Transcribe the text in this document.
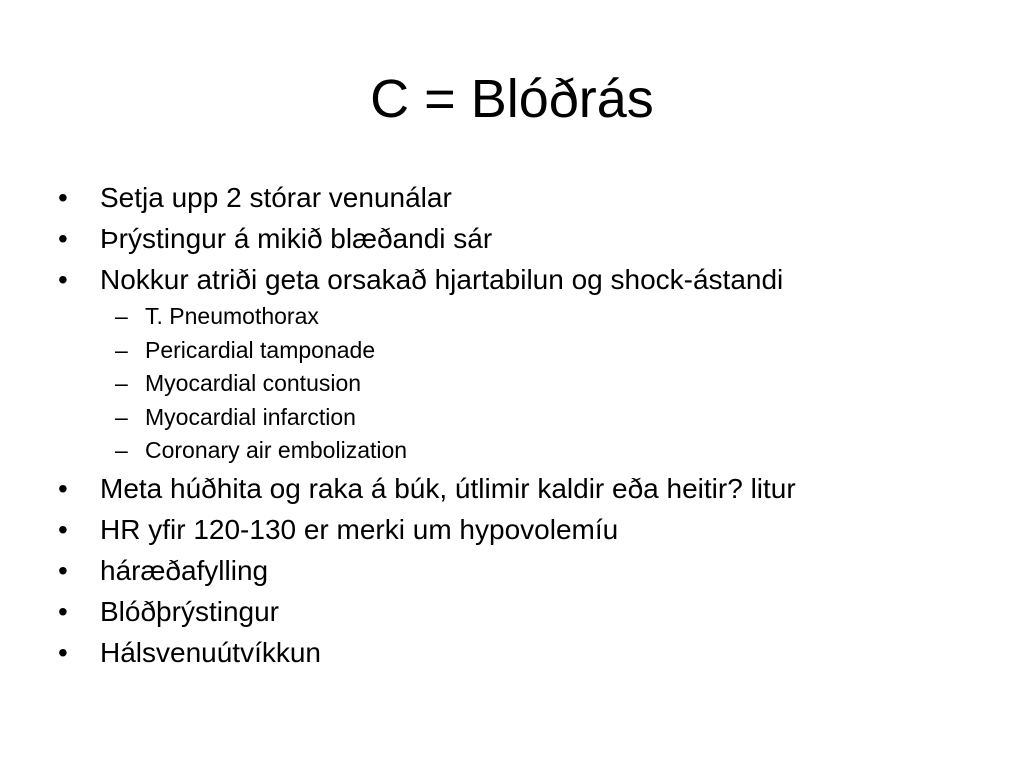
C = Blóðrás
• Setja upp 2 stórar venunálar
• Þrýstingur á mikið blæðandi sár
• Nokkur atriði geta orsakað hjartabilun og shock-ástandi
– T. Pneumothorax
– Pericardial tamponade
– Myocardial contusion
– Myocardial infarction
– Coronary air embolization
• Meta húðhita og raka á búk, útlimir kaldir eða heitir? litur
• HR yfir 120-130 er merki um hypovolemíu
• háræðafylling
• Blóðþrýstingur
• Hálsvenuútvíkkun
